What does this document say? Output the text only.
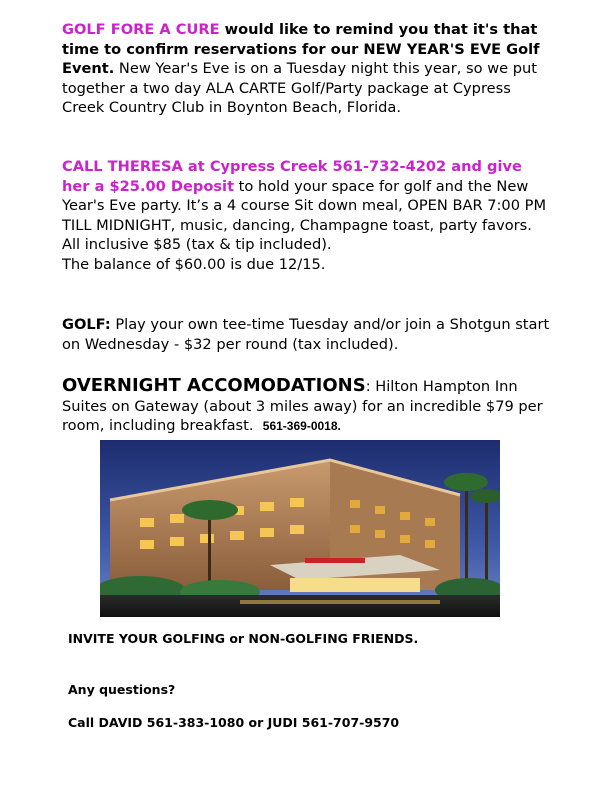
GOLF FORE A CURE would like to remind you that it's that time to confirm reservations for our NEW YEAR'S EVE Golf Event. New Year's Eve is on a Tuesday night this year, so we put together a two day ALA CARTE Golf/Party package at Cypress Creek Country Club in Boynton Beach, Florida.
CALL THERESA at Cypress Creek 561-732-4202 and give her a $25.00 Deposit to hold your space for golf and the New Year's Eve party. It’s a 4 course Sit down meal, OPEN BAR 7:00 PM TILL MIDNIGHT, music, dancing, Champagne toast, party favors. All inclusive $85 (tax & tip included).
The balance of $60.00 is due 12/15.
GOLF: Play your own tee-time Tuesday and/or join a Shotgun start on Wednesday - $32 per round (tax included).
OVERNIGHT ACCOMODATIONS: Hilton Hampton Inn Suites on Gateway (about 3 miles away) for an incredible $79 per room, including breakfast. 561-369-0018.
INVITE YOUR GOLFING or NON-GOLFING FRIENDS.
Any questions?
Call DAVID 561-383-1080 or JUDI 561-707-9570
